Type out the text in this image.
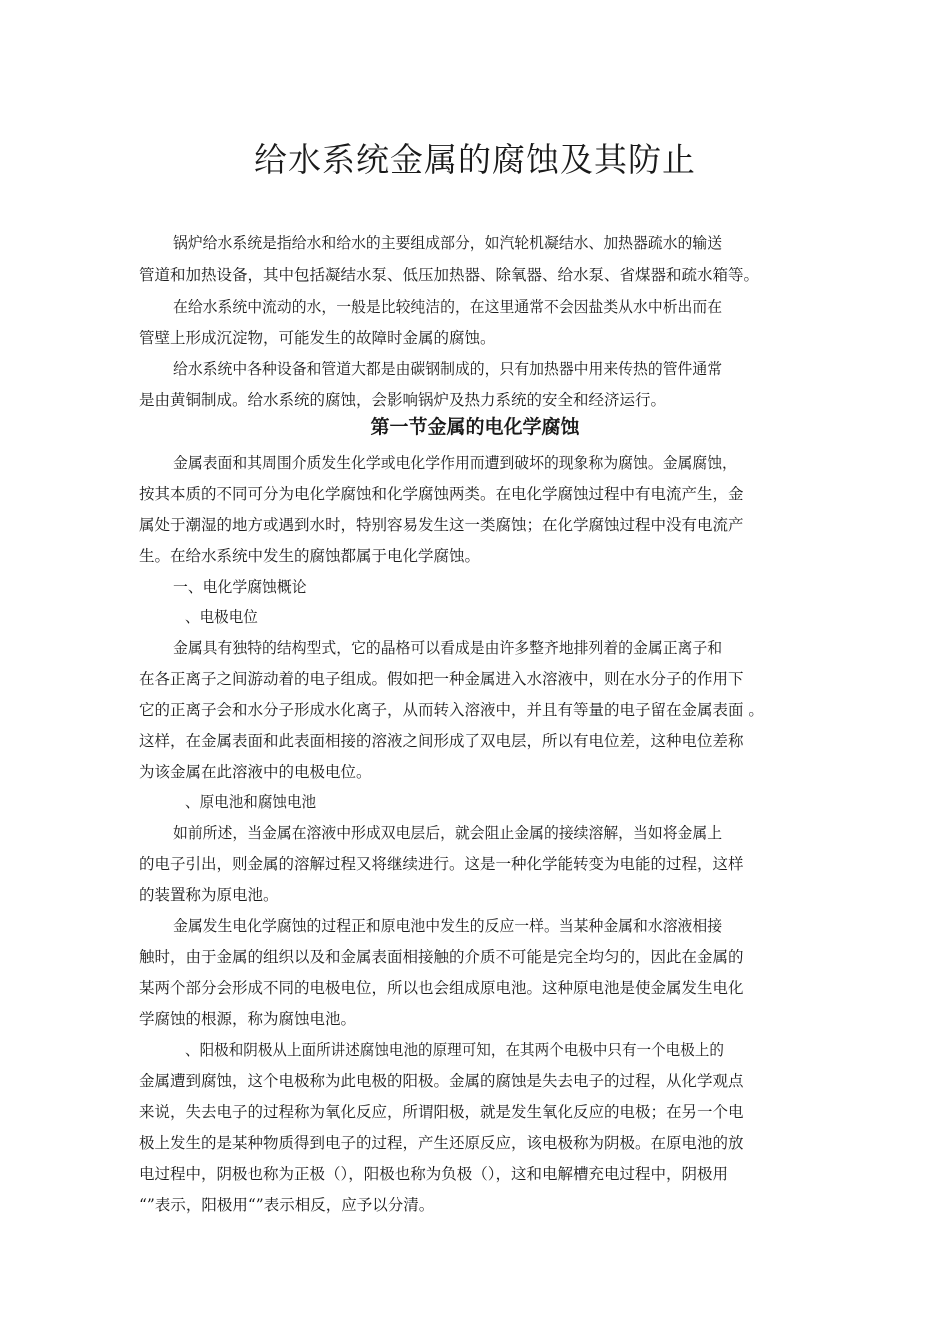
给水系统金属的腐蚀及其防止
锅炉给水系统是指给水和给水的主要组成部分，如汽轮机凝结水、加热器疏水的输送
管道和加热设备，其中包括凝结水泵、低压加热器、除氧器、给水泵、省煤器和疏水箱等。
在给水系统中流动的水，一般是比较纯洁的，在这里通常不会因盐类从水中析出而在
管壁上形成沉淀物，可能发生的故障时金属的腐蚀。
给水系统中各种设备和管道大都是由碳钢制成的，只有加热器中用来传热的管件通常
是由黄铜制成。给水系统的腐蚀，会影响锅炉及热力系统的安全和经济运行。
第一节金属的电化学腐蚀
金属表面和其周围介质发生化学或电化学作用而遭到破坏的现象称为腐蚀。金属腐蚀，
按其本质的不同可分为电化学腐蚀和化学腐蚀两类。在电化学腐蚀过程中有电流产生，金
属处于潮湿的地方或遇到水时，特别容易发生这一类腐蚀；在化学腐蚀过程中没有电流产
生。在给水系统中发生的腐蚀都属于电化学腐蚀。
一、电化学腐蚀概论
、电极电位
金属具有独特的结构型式，它的晶格可以看成是由许多整齐地排列着的金属正离子和
在各正离子之间游动着的电子组成。假如把一种金属进入水溶液中，则在水分子的作用下
它的正离子会和水分子形成水化离子，从而转入溶液中，并且有等量的电子留在金属表面 。
这样，在金属表面和此表面相接的溶液之间形成了双电层，所以有电位差，这种电位差称
为该金属在此溶液中的电极电位。
、原电池和腐蚀电池
如前所述，当金属在溶液中形成双电层后，就会阻止金属的接续溶解，当如将金属上
的电子引出，则金属的溶解过程又将继续进行。这是一种化学能转变为电能的过程，这样
的装置称为原电池。
金属发生电化学腐蚀的过程正和原电池中发生的反应一样。当某种金属和水溶液相接
触时，由于金属的组织以及和金属表面相接触的介质不可能是完全均匀的，因此在金属的
某两个部分会形成不同的电极电位，所以也会组成原电池。这种原电池是使金属发生电化
学腐蚀的根源，称为腐蚀电池。
、阳极和阴极从上面所讲述腐蚀电池的原理可知，在其两个电极中只有一个电极上的
金属遭到腐蚀，这个电极称为此电极的阳极。金属的腐蚀是失去电子的过程，从化学观点
来说，失去电子的过程称为氧化反应，所谓阳极，就是发生氧化反应的电极；在另一个电
极上发生的是某种物质得到电子的过程，产生还原反应，该电极称为阴极。在原电池的放
电过程中，阴极也称为正极（），阳极也称为负极（），这和电解槽充电过程中，阴极用
“”表示，阳极用“”表示相反，应予以分清。
